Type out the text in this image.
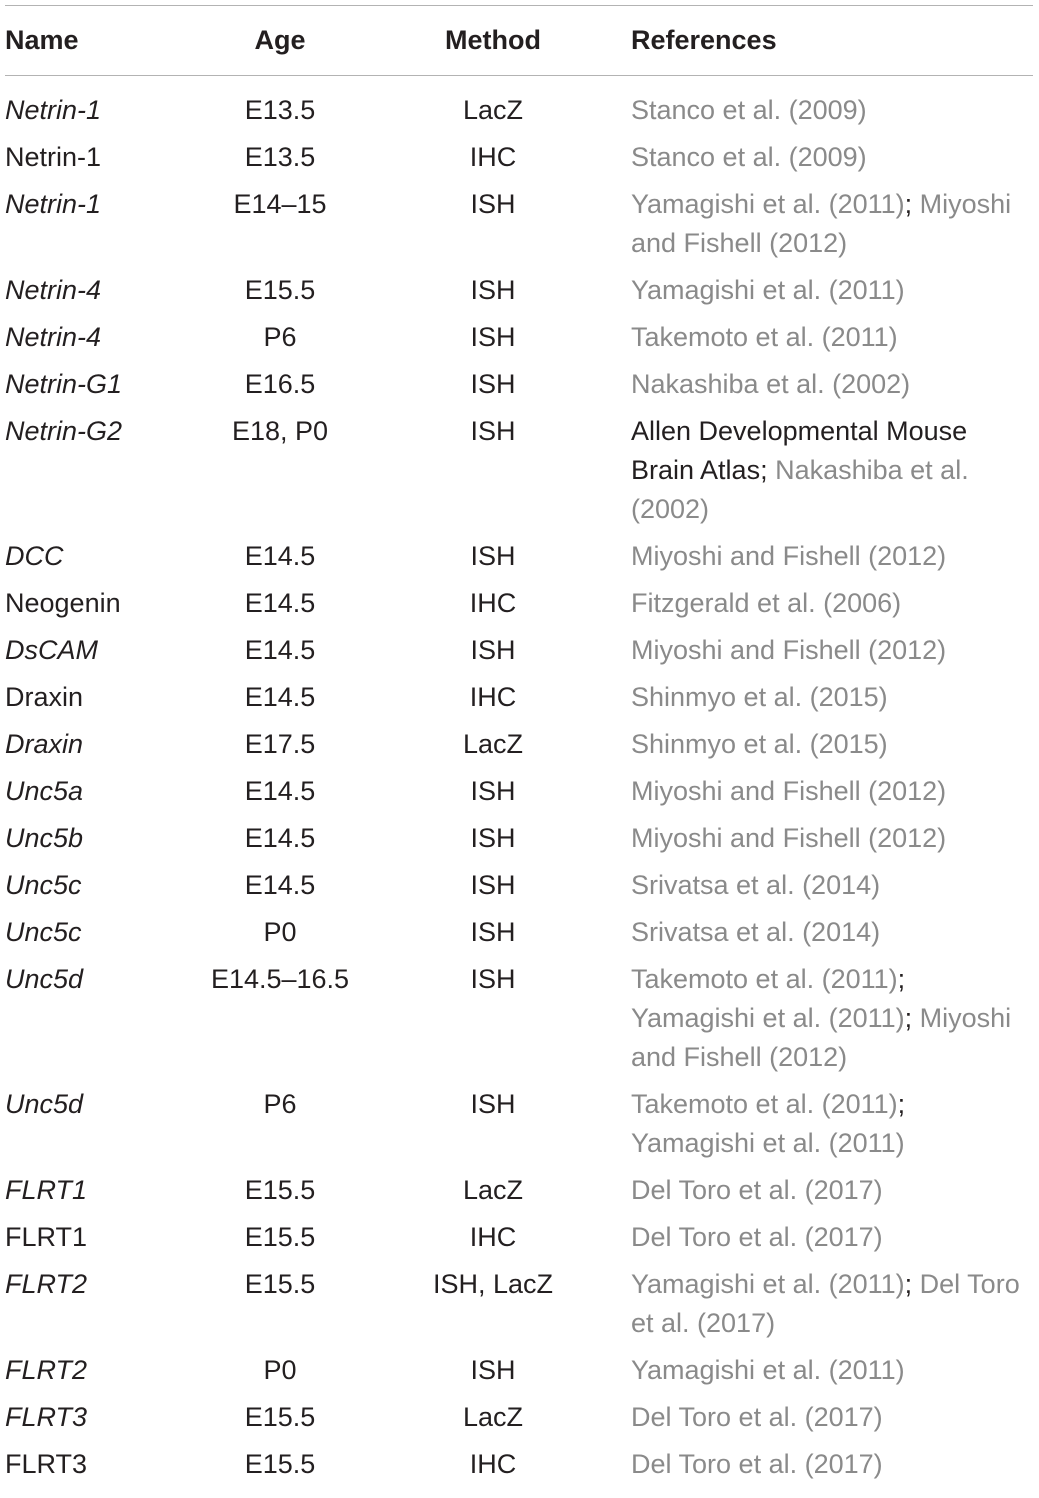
Name	Age	Method	References
Netrin-1	E13.5	LacZ	Stanco et al. (2009)
Netrin-1	E13.5	IHC	Stanco et al. (2009)
Netrin-1	E14–15	ISH	Yamagishi et al. (2011); Miyoshi and Fishell (2012)
Netrin-4	E15.5	ISH	Yamagishi et al. (2011)
Netrin-4	P6	ISH	Takemoto et al. (2011)
Netrin-G1	E16.5	ISH	Nakashiba et al. (2002)
Netrin-G2	E18, P0	ISH	Allen Developmental Mouse Brain Atlas; Nakashiba et al. (2002)
DCC	E14.5	ISH	Miyoshi and Fishell (2012)
Neogenin	E14.5	IHC	Fitzgerald et al. (2006)
DsCAM	E14.5	ISH	Miyoshi and Fishell (2012)
Draxin	E14.5	IHC	Shinmyo et al. (2015)
Draxin	E17.5	LacZ	Shinmyo et al. (2015)
Unc5a	E14.5	ISH	Miyoshi and Fishell (2012)
Unc5b	E14.5	ISH	Miyoshi and Fishell (2012)
Unc5c	E14.5	ISH	Srivatsa et al. (2014)
Unc5c	P0	ISH	Srivatsa et al. (2014)
Unc5d	E14.5–16.5	ISH	Takemoto et al. (2011); Yamagishi et al. (2011); Miyoshi and Fishell (2012)
Unc5d	P6	ISH	Takemoto et al. (2011); Yamagishi et al. (2011)
FLRT1	E15.5	LacZ	Del Toro et al. (2017)
FLRT1	E15.5	IHC	Del Toro et al. (2017)
FLRT2	E15.5	ISH, LacZ	Yamagishi et al. (2011); Del Toro et al. (2017)
FLRT2	P0	ISH	Yamagishi et al. (2011)
FLRT3	E15.5	LacZ	Del Toro et al. (2017)
FLRT3	E15.5	IHC	Del Toro et al. (2017)
